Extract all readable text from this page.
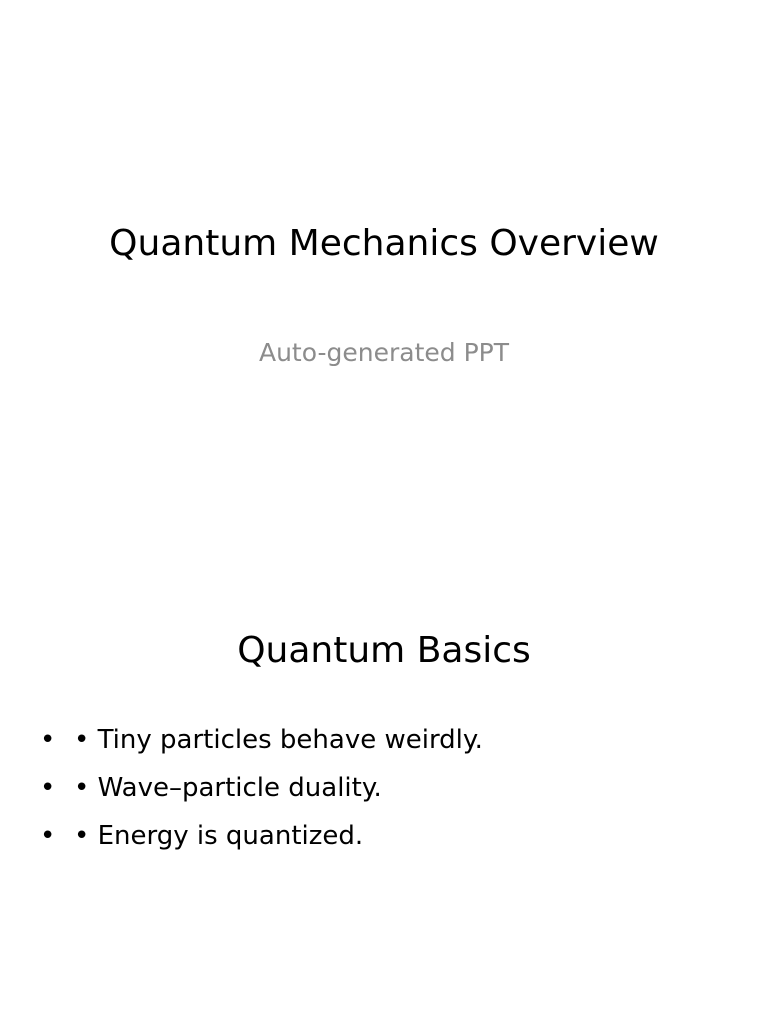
Quantum Mechanics Overview
Auto-generated PPT
Quantum Basics
• • Tiny particles behave weirdly.
• • Wave–particle duality.
• • Energy is quantized.
